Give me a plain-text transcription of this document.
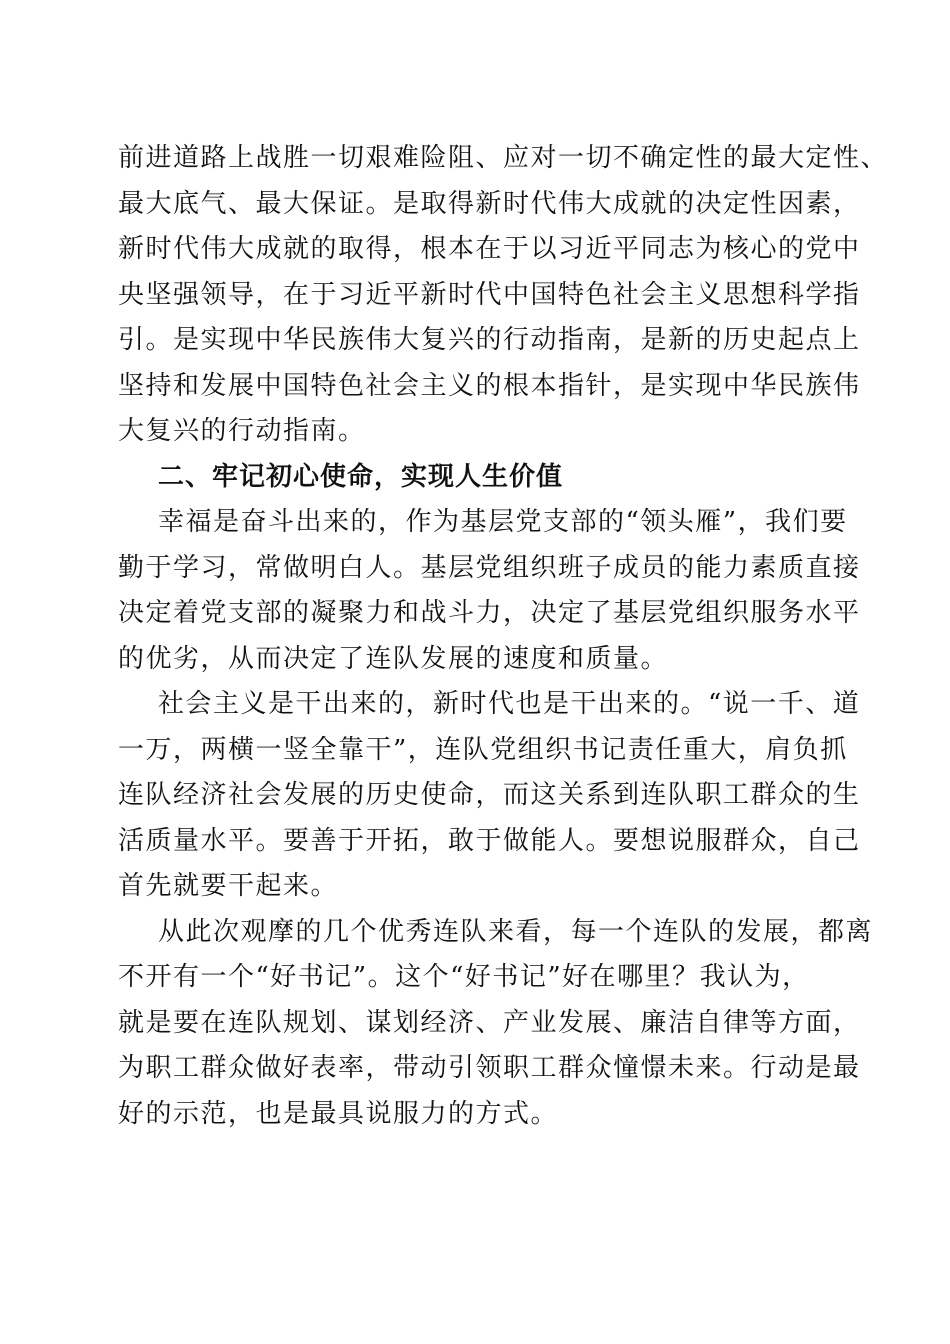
前进道路上战胜一切艰难险阻、应对一切不确定性的最大定性、
最大底气、最大保证。是取得新时代伟大成就的决定性因素，
新时代伟大成就的取得，根本在于以习近平同志为核心的党中
央坚强领导，在于习近平新时代中国特色社会主义思想科学指
引。是实现中华民族伟大复兴的行动指南，是新的历史起点上
坚持和发展中国特色社会主义的根本指针，是实现中华民族伟
大复兴的行动指南。
二、牢记初心使命，实现人生价值
幸福是奋斗出来的，作为基层党支部的“领头雁”，我们要
勤于学习，常做明白人。基层党组织班子成员的能力素质直接
决定着党支部的凝聚力和战斗力，决定了基层党组织服务水平
的优劣，从而决定了连队发展的速度和质量。
社会主义是干出来的，新时代也是干出来的。“说一千、道
一万，两横一竖全靠干”，连队党组织书记责任重大，肩负抓
连队经济社会发展的历史使命，而这关系到连队职工群众的生
活质量水平。要善于开拓，敢于做能人。要想说服群众，自己
首先就要干起来。
从此次观摩的几个优秀连队来看，每一个连队的发展，都离
不开有一个“好书记”。这个“好书记”好在哪里？我认为，
就是要在连队规划、谋划经济、产业发展、廉洁自律等方面，
为职工群众做好表率，带动引领职工群众憧憬未来。行动是最
好的示范，也是最具说服力的方式。
